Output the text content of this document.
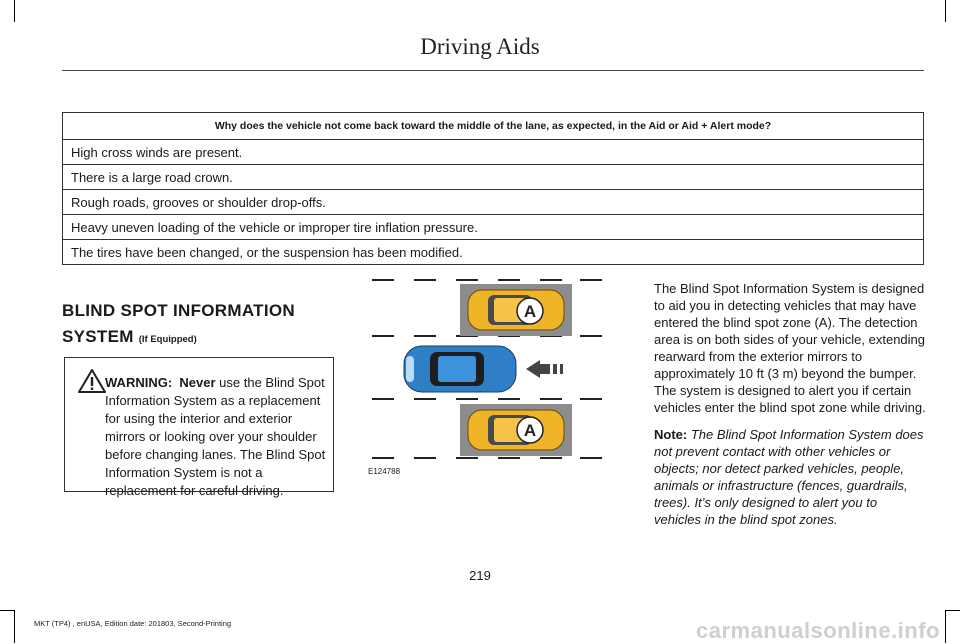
Driving Aids
Why does the vehicle not come back toward the middle of the lane, as expected, in the Aid or Aid + Alert mode?
High cross winds are present.
There is a large road crown.
Rough roads, grooves or shoulder drop-offs.
Heavy uneven loading of the vehicle or improper tire inflation pressure.
The tires have been changed, or the suspension has been modified.
BLIND SPOT INFORMATION
SYSTEM (If Equipped)

WARNING: Never use the Blind Spot Information System as a replacement for using the interior and exterior mirrors or looking over your shoulder before changing lanes. The Blind Spot Information System is not a replacement for careful driving.

A
A
E124788

The Blind Spot Information System is designed to aid you in detecting vehicles that may have entered the blind spot zone (A). The detection area is on both sides of your vehicle, extending rearward from the exterior mirrors to approximately 10 ft (3 m) beyond the bumper. The system is designed to alert you if certain vehicles enter the blind spot zone while driving.

Note: The Blind Spot Information System does not prevent contact with other vehicles or objects; nor detect parked vehicles, people, animals or infrastructure (fences, guardrails, trees). It’s only designed to alert you to vehicles in the blind spot zones.

219
MKT (TP4) , enUSA, Edition date: 201803, Second-Printing	carmanualsonline.info
